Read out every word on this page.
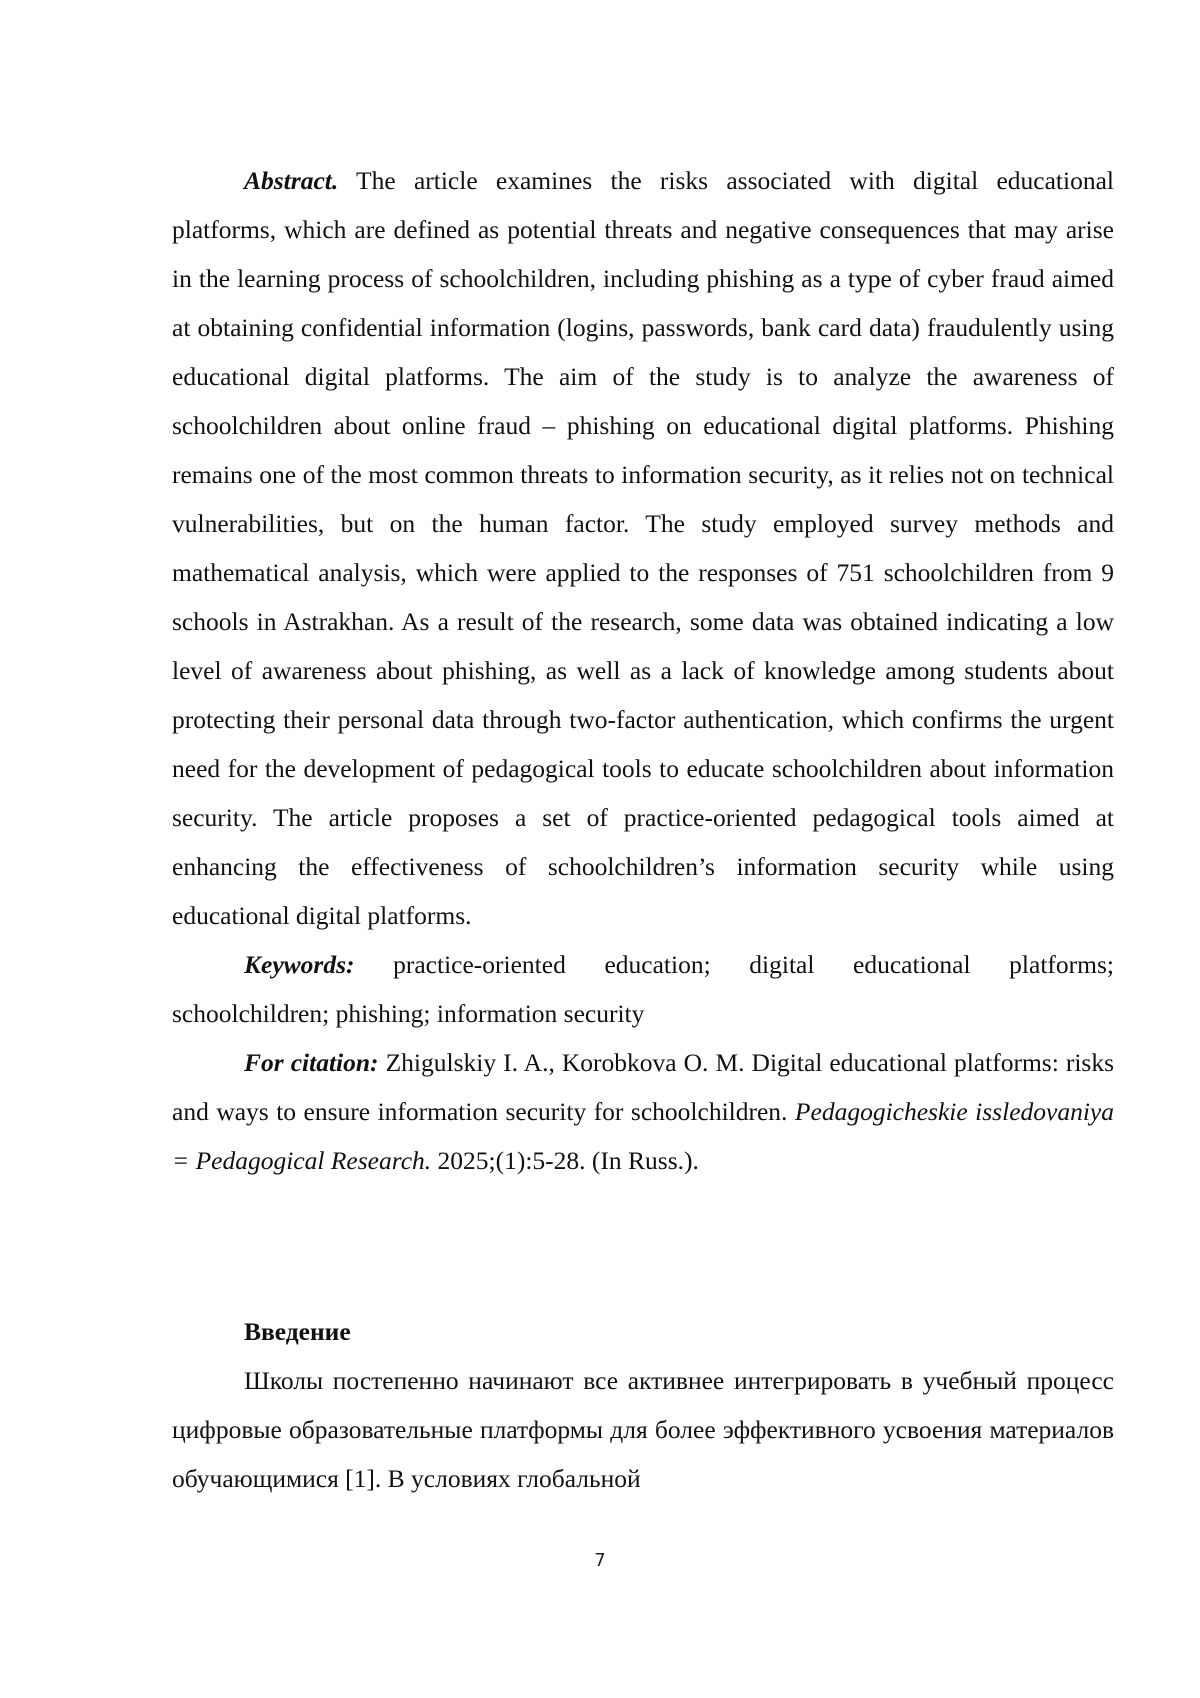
Abstract. The article examines the risks associated with digital educational platforms, which are defined as potential threats and negative consequences that may arise in the learning process of schoolchildren, including phishing as a type of cyber fraud aimed at obtaining confidential information (logins, passwords, bank card data) fraudulently using educational digital platforms. The aim of the study is to analyze the awareness of schoolchildren about online fraud – phishing on educational digital platforms. Phishing remains one of the most common threats to information security, as it relies not on technical vulnerabilities, but on the human factor. The study employed survey methods and mathematical analysis, which were applied to the responses of 751 schoolchildren from 9 schools in Astrakhan. As a result of the research, some data was obtained indicating a low level of awareness about phishing, as well as a lack of knowledge among students about protecting their personal data through two-factor authentication, which confirms the urgent need for the development of pedagogical tools to educate schoolchildren about information security. The article proposes a set of practice-oriented pedagogical tools aimed at enhancing the effectiveness of schoolchildren’s information security while using educational digital platforms.

Keywords: practice-oriented education; digital educational platforms; schoolchildren; phishing; information security

For citation: Zhigulskiy I. A., Korobkova O. M. Digital educational platforms: risks and ways to ensure information security for schoolchildren. Pedagogicheskie issledovaniya = Pedagogical Research. 2025;(1):5-28. (In Russ.).

Введение

Школы постепенно начинают все активнее интегрировать в учебный процесс цифровые образовательные платформы для более эффективного усвоения материалов обучающимися [1]. В условиях глобальной

7
